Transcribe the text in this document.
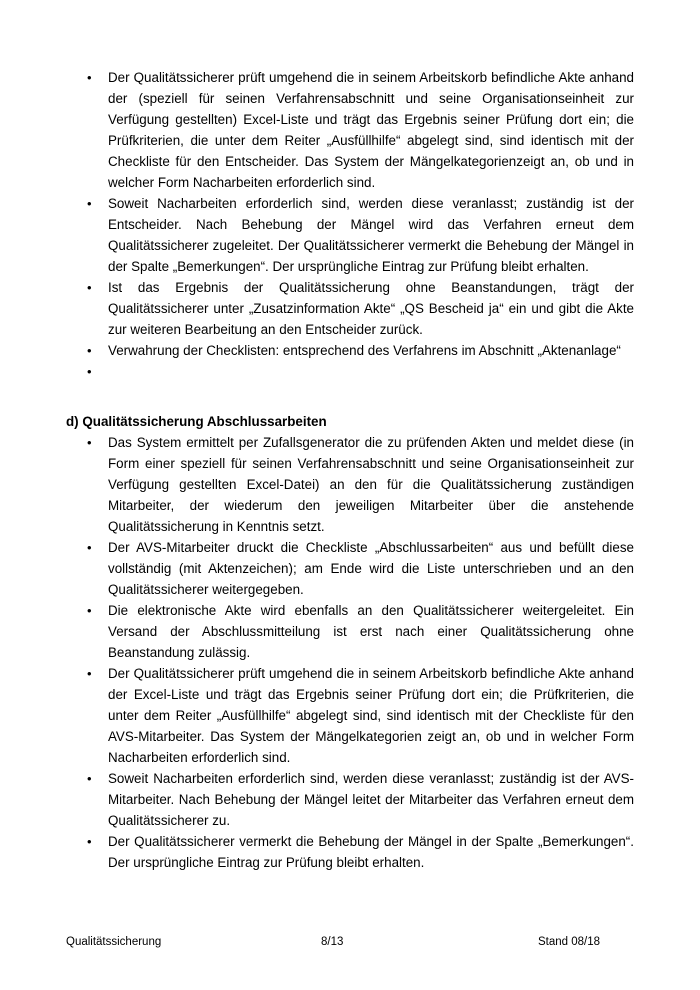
• Der Qualitätssicherer prüft umgehend die in seinem Arbeitskorb befindliche Akte anhand der (speziell für seinen Verfahrensabschnitt und seine Organisationseinheit zur Verfügung gestellten) Excel-Liste und trägt das Ergebnis seiner Prüfung dort ein; die Prüfkriterien, die unter dem Reiter „Ausfüllhilfe“ abgelegt sind, sind identisch mit der Checkliste für den Entscheider. Das System der Mängelkategorienzeigt an, ob und in welcher Form Nacharbeiten erforderlich sind.
• Soweit Nacharbeiten erforderlich sind, werden diese veranlasst; zuständig ist der Entscheider. Nach Behebung der Mängel wird das Verfahren erneut dem Qualitätssicherer zugeleitet. Der Qualitätssicherer vermerkt die Behebung der Mängel in der Spalte „Bemerkungen“. Der ursprüngliche Eintrag zur Prüfung bleibt erhalten.
• Ist das Ergebnis der Qualitätssicherung ohne Beanstandungen, trägt der Qualitätssicherer unter „Zusatzinformation Akte“ „QS Bescheid ja“ ein und gibt die Akte zur weiteren Bearbeitung an den Entscheider zurück.
• Verwahrung der Checklisten: entsprechend des Verfahrens im Abschnitt „Aktenanlage“
•
d) Qualitätssicherung Abschlussarbeiten
• Das System ermittelt per Zufallsgenerator die zu prüfenden Akten und meldet diese (in Form einer speziell für seinen Verfahrensabschnitt und seine Organisationseinheit zur Verfügung gestellten Excel-Datei) an den für die Qualitätssicherung zuständigen Mitarbeiter, der wiederum den jeweiligen Mitarbeiter über die anstehende Qualitätssicherung in Kenntnis setzt.
• Der AVS-Mitarbeiter druckt die Checkliste „Abschlussarbeiten“ aus und befüllt diese vollständig (mit Aktenzeichen); am Ende wird die Liste unterschrieben und an den Qualitätssicherer weitergegeben.
• Die elektronische Akte wird ebenfalls an den Qualitätssicherer weitergeleitet. Ein Versand der Abschlussmitteilung ist erst nach einer Qualitätssicherung ohne Beanstandung zulässig.
• Der Qualitätssicherer prüft umgehend die in seinem Arbeitskorb befindliche Akte anhand der Excel-Liste und trägt das Ergebnis seiner Prüfung dort ein; die Prüfkriterien, die unter dem Reiter „Ausfüllhilfe“ abgelegt sind, sind identisch mit der Checkliste für den AVS-Mitarbeiter. Das System der Mängelkategorien zeigt an, ob und in welcher Form Nacharbeiten erforderlich sind.
• Soweit Nacharbeiten erforderlich sind, werden diese veranlasst; zuständig ist der AVS-Mitarbeiter. Nach Behebung der Mängel leitet der Mitarbeiter das Verfahren erneut dem Qualitätssicherer zu.
• Der Qualitätssicherer vermerkt die Behebung der Mängel in der Spalte „Bemerkungen“. Der ursprüngliche Eintrag zur Prüfung bleibt erhalten.
Qualitätssicherung	8/13	Stand 08/18
